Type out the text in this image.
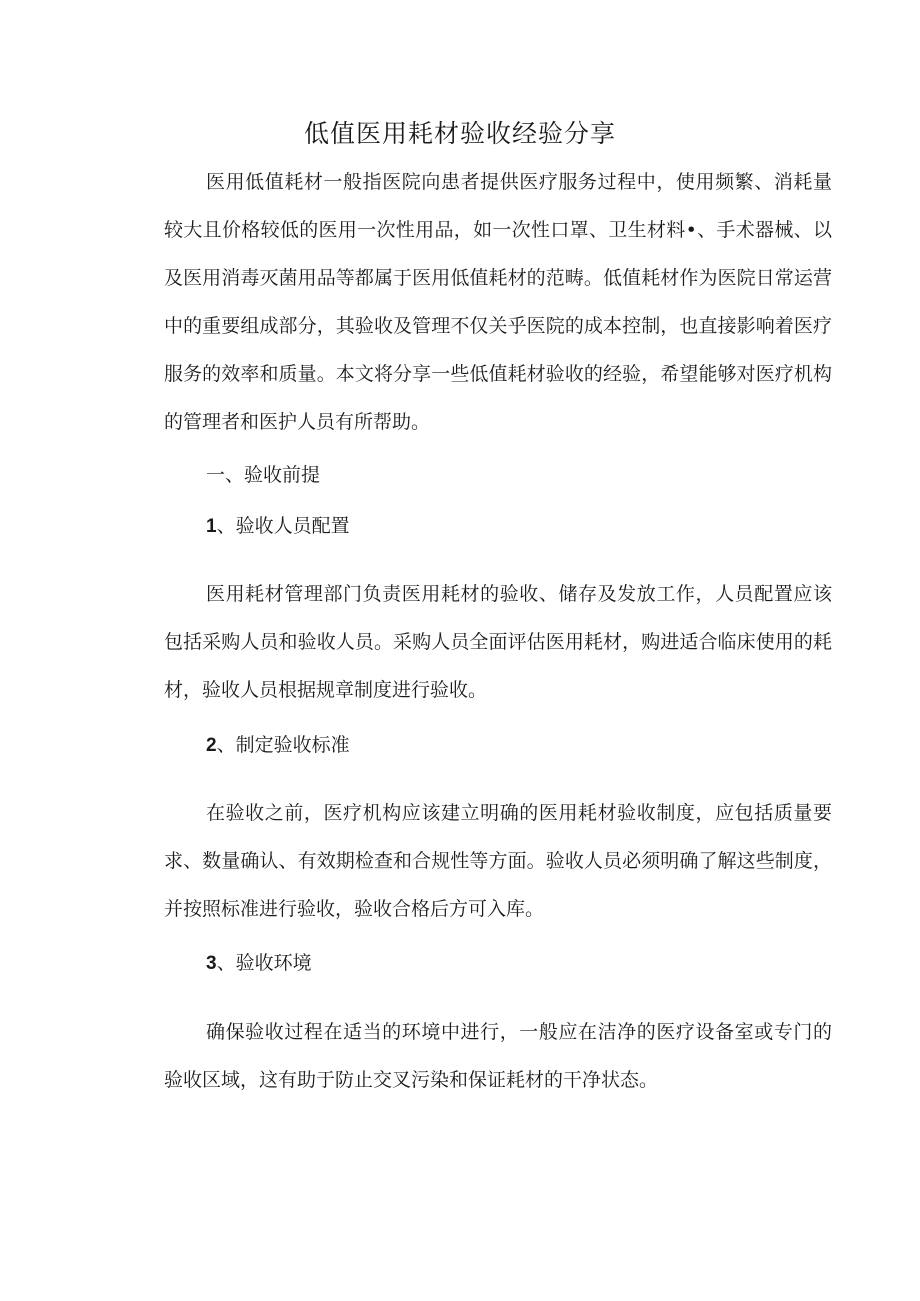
低值医用耗材验收经验分享

医用低值耗材一般指医院向患者提供医疗服务过程中，使用频繁、消耗量较大且价格较低的医用一次性用品，如一次性口罩、卫生材料•、手术器械、以及医用消毒灭菌用品等都属于医用低值耗材的范畴。低值耗材作为医院日常运营中的重要组成部分，其验收及管理不仅关乎医院的成本控制，也直接影响着医疗服务的效率和质量。本文将分享一些低值耗材验收的经验，希望能够对医疗机构的管理者和医护人员有所帮助。

一、验收前提
1、验收人员配置

医用耗材管理部门负责医用耗材的验收、储存及发放工作，人员配置应该包括采购人员和验收人员。采购人员全面评估医用耗材，购进适合临床使用的耗材，验收人员根据规章制度进行验收。

2、制定验收标准

在验收之前，医疗机构应该建立明确的医用耗材验收制度，应包括质量要求、数量确认、有效期检查和合规性等方面。验收人员必须明确了解这些制度，并按照标准进行验收，验收合格后方可入库。

3、验收环境

确保验收过程在适当的环境中进行，一般应在洁净的医疗设备室或专门的验收区域，这有助于防止交叉污染和保证耗材的干净状态。
